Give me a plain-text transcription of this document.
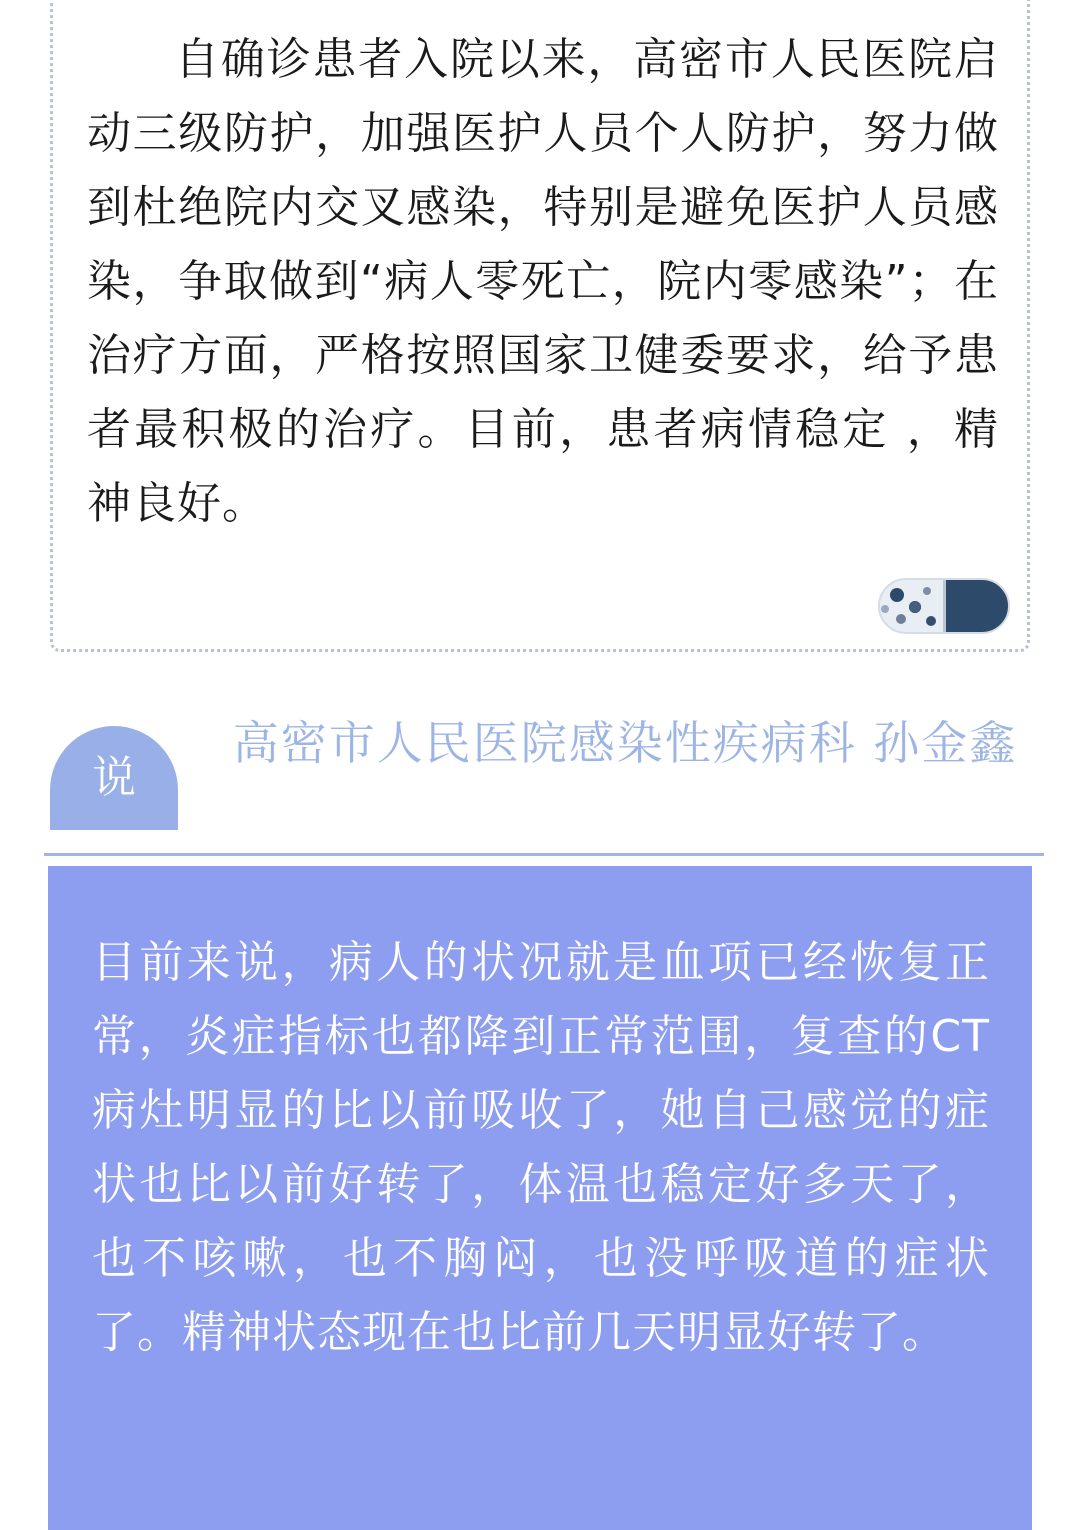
自确诊患者入院以来，高密市人民医院启动三级防护，加强医护人员个人防护，努力做到杜绝院内交叉感染，特别是避免医护人员感染，争取做到“病人零死亡，院内零感染”；在治疗方面，严格按照国家卫健委要求，给予患者最积极的治疗。目前，患者病情稳定 ，精神良好。
说
高密市人民医院感染性疾病科 孙金鑫
目前来说，病人的状况就是血项已经恢复正常，炎症指标也都降到正常范围，复查的CT病灶明显的比以前吸收了，她自己感觉的症状也比以前好转了，体温也稳定好多天了，也不咳嗽，也不胸闷，也没呼吸道的症状了。精神状态现在也比前几天明显好转了。
